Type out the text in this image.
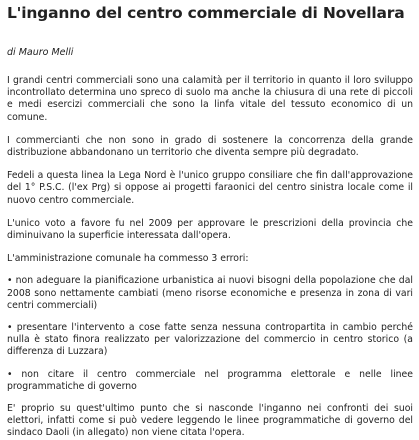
L'inganno del centro commerciale di Novellara
di Mauro Melli

I grandi centri commerciali sono una calamità per il territorio in quanto il loro sviluppo incontrollato determina uno spreco di suolo ma anche la chiusura di una rete di piccoli e medi esercizi commerciali che sono la linfa vitale del tessuto economico di un comune.

I commercianti che non sono in grado di sostenere la concorrenza della grande distribuzione abbandonano un territorio che diventa sempre più degradato.

Fedeli a questa linea la Lega Nord è l'unico gruppo consiliare che fin dall'approvazione del 1° P.S.C. (l'ex Prg) si oppose ai progetti faraonici del centro sinistra locale come il nuovo centro commerciale.

L'unico voto a favore fu nel 2009 per approvare le prescrizioni della provincia che diminuivano la superficie interessata dall'opera.

L'amministrazione comunale ha commesso 3 errori:

• non adeguare la pianificazione urbanistica ai nuovi bisogni della popolazione che dal 2008 sono nettamente cambiati (meno risorse economiche e presenza in zona di vari centri commerciali)

• presentare l'intervento a cose fatte senza nessuna contropartita in cambio perché nulla è stato finora realizzato per valorizzazione del commercio in centro storico (a differenza di Luzzara)

• non citare il centro commerciale nel programma elettorale e nelle linee programmatiche di governo

E' proprio su quest'ultimo punto che si nasconde l'inganno nei confronti dei suoi elettori, infatti come si può vedere leggendo le linee programmatiche di governo del sindaco Daoli (in allegato) non viene citata l'opera.
